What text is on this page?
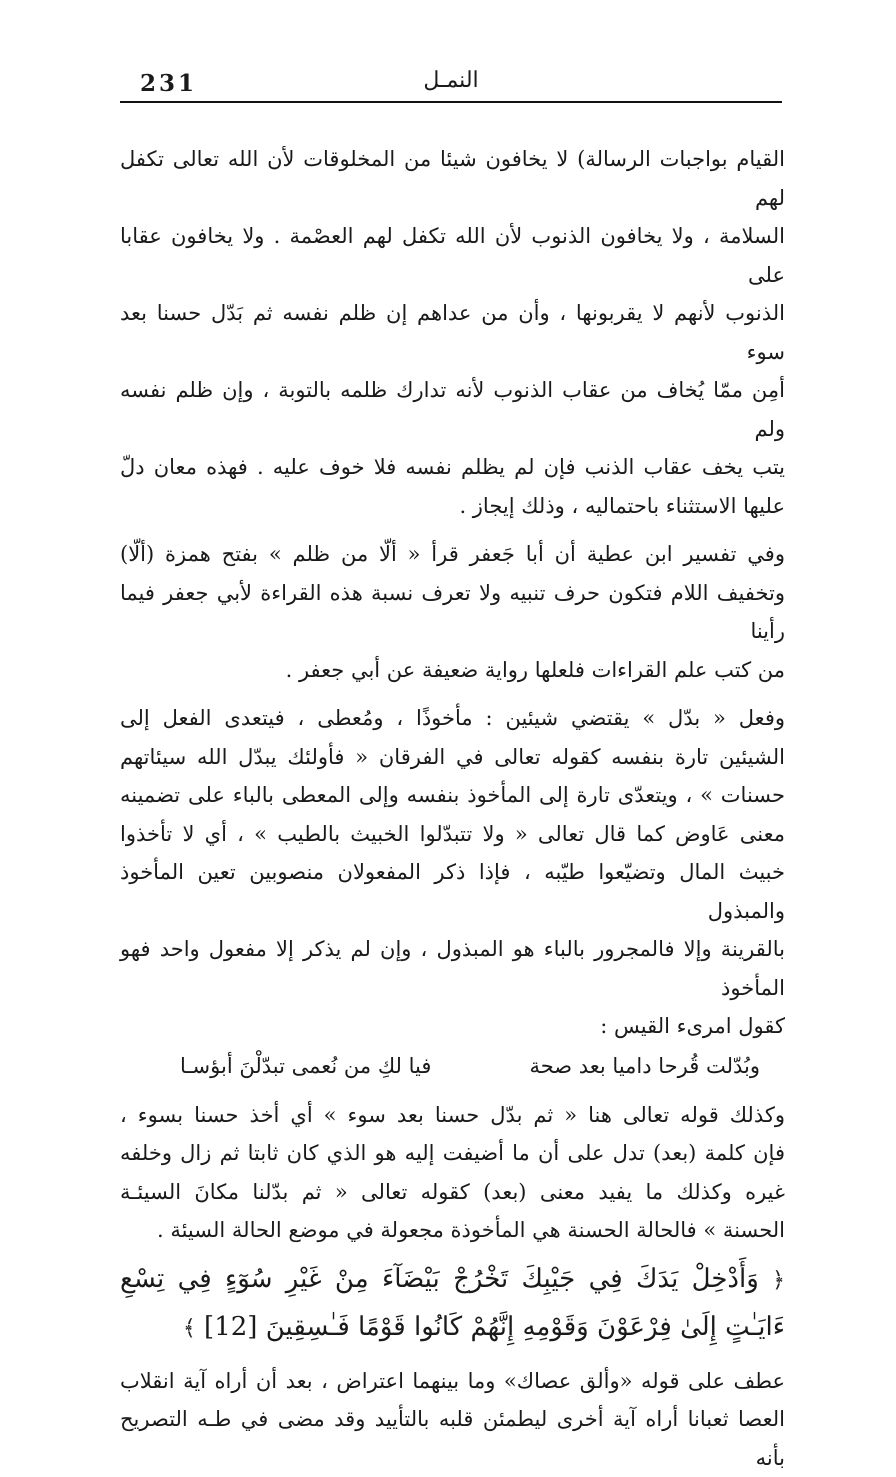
231	النمـل
القيام بواجبات الرسالة) لا يخافون شيئا من المخلوقات لأن الله تعالى تكفل لهم
السلامة ، ولا يخافون الذنوب لأن الله تكفل لهم العصْمة . ولا يخافون عقابا على
الذنوب لأنهم لا يقربونها ، وأن من عداهم إن ظلم نفسه ثم بَدّل حسنا بعد سوء
أمِن ممّا يُخاف من عقاب الذنوب لأنه تدارك ظلمه بالتوبة ، وإن ظلم نفسه ولم
يتب يخف عقاب الذنب فإن لم يظلم نفسه فلا خوف عليه . فهذه معان دلّ
عليها الاستثناء باحتماليه ، وذلك إيجاز .
وفي تفسير ابن عطية أن أبا جَعفر قرأ « ألّا من ظلم » بفتح همزة (ألّا)
وتخفيف اللام فتكون حرف تنبيه ولا تعرف نسبة هذه القراءة لأبي جعفر فيما رأينا
من كتب علم القراءات فلعلها رواية ضعيفة عن أبي جعفر .
وفعل « بدّل » يقتضي شيئين : مأخوذًا ، ومُعطى ، فيتعدى الفعل إلى
الشيئين تارة بنفسه كقوله تعالى في الفرقان « فأولئك يبدّل الله سيئاتهم
حسنات » ، ويتعدّى تارة إلى المأخوذ بنفسه وإلى المعطى بالباء على تضمينه
معنى عَاوض كما قال تعالى « ولا تتبدّلوا الخبيث بالطيب » ، أي لا تأخذوا
خبيث المال وتضيّعوا طيّبه ، فإذا ذكر المفعولان منصوبين تعين المأخوذ والمبذول
بالقرينة وإلا فالمجرور بالباء هو المبذول ، وإن لم يذكر إلا مفعول واحد فهو المأخوذ
كقول امرىء القيس :
وبُدّلت قُرحا داميا بعد صحة
فيا لكِ من نُعمى تبدّلْنَ أبؤسـا
وكذلك قوله تعالى هنا « ثم بدّل حسنا بعد سوء » أي أخذ حسنا بسوء ،
فإن كلمة (بعد) تدل على أن ما أضيفت إليه هو الذي كان ثابتا ثم زال وخلفه
غيره وكذلك ما يفيد معنى (بعد) كقوله تعالى « ثم بدّلنا مكانَ السيئـة
الحسنة » فالحالة الحسنة هي المأخوذة مجعولة في موضع الحالة السيئة .
﴿ وَأَدْخِلْ يَدَكَ فِي جَيْبِكَ تَخْرُجْ بَيْضَآءَ مِنْ غَيْرِ سُوٓءٍ فِي تِسْعِ
ءَايَـٰتٍ إِلَىٰ فِرْعَوْنَ وَقَوْمِهِ إِنَّهُمْ كَانُوا قَوْمًا فَـٰسِقِينَ [12] ﴾
عطف على قوله «وألق عصاك» وما بينهما اعتراض ، بعد أن أراه آية انقلاب
العصا ثعبانا أراه آية أخرى ليطمئن قلبه بالتأييد وقد مضى في طـه التصريح بأنه
